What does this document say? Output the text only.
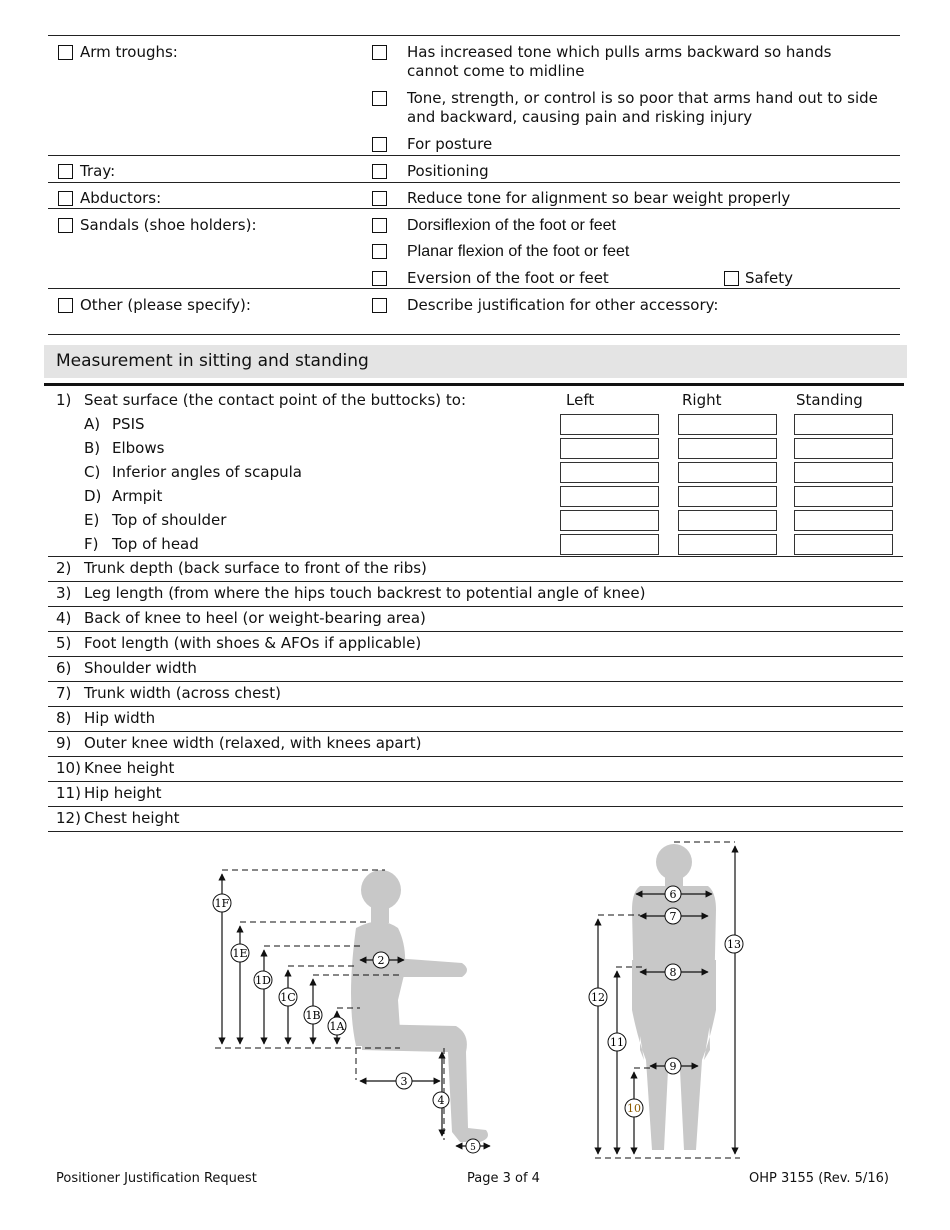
Arm troughs:	Has increased tone which pulls arms backward so hands cannot come to midline
Tone, strength, or control is so poor that arms hand out to side and backward, causing pain and risking injury
For posture
Tray:	Positioning
Abductors:	Reduce tone for alignment so bear weight properly
Sandals (shoe holders):	Dorsiflexion of the foot or feet
Planar flexion of the foot or feet
Eversion of the foot or feet	Safety
Other (please specify):	Describe justification for other accessory:
Measurement in sitting and standing
1) Seat surface (the contact point of the buttocks) to:	Left	Right	Standing
A) PSIS
B) Elbows
C) Inferior angles of scapula
D) Armpit
E) Top of shoulder
F) Top of head
2) Trunk depth (back surface to front of the ribs)
3) Leg length (from where the hips touch backrest to potential angle of knee)
4) Back of knee to heel (or weight-bearing area)
5) Foot length (with shoes & AFOs if applicable)
6) Shoulder width
7) Trunk width (across chest)
8) Hip width
9) Outer knee width (relaxed, with knees apart)
10) Knee height
11) Hip height
12) Chest height
1F
1E
1D
1C
1B
1A
2
3
4
5
6
7
8
9
10
11
12
13
Positioner Justification Request	Page 3 of 4	OHP 3155 (Rev. 5/16)
